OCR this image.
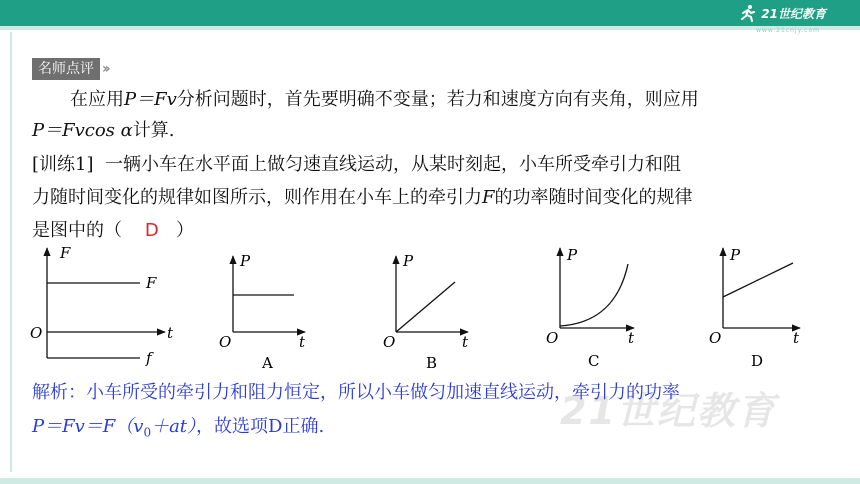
21世纪教育
www.21cnjy.com
21世纪教育
名师点评 ››
在应用P＝Fv分析问题时，首先要明确不变量；若力和速度方向有夹角，则应用
P＝Fvcos α计算.
[训练1] 一辆小车在水平面上做匀速直线运动，从某时刻起，小车所受牵引力和阻
力随时间变化的规律如图所示，则作用在小车上的牵引力F的功率随时间变化的规律
是图中的（ D ）
F
t
O
F
f
P
t
O
A
P
t
O
B
P
t
O
C
P
t
O
D
解析：小车所受的牵引力和阻力恒定，所以小车做匀加速直线运动，牵引力的功率
$P=Fv=F(v_0+at)$，故选项D正确.
